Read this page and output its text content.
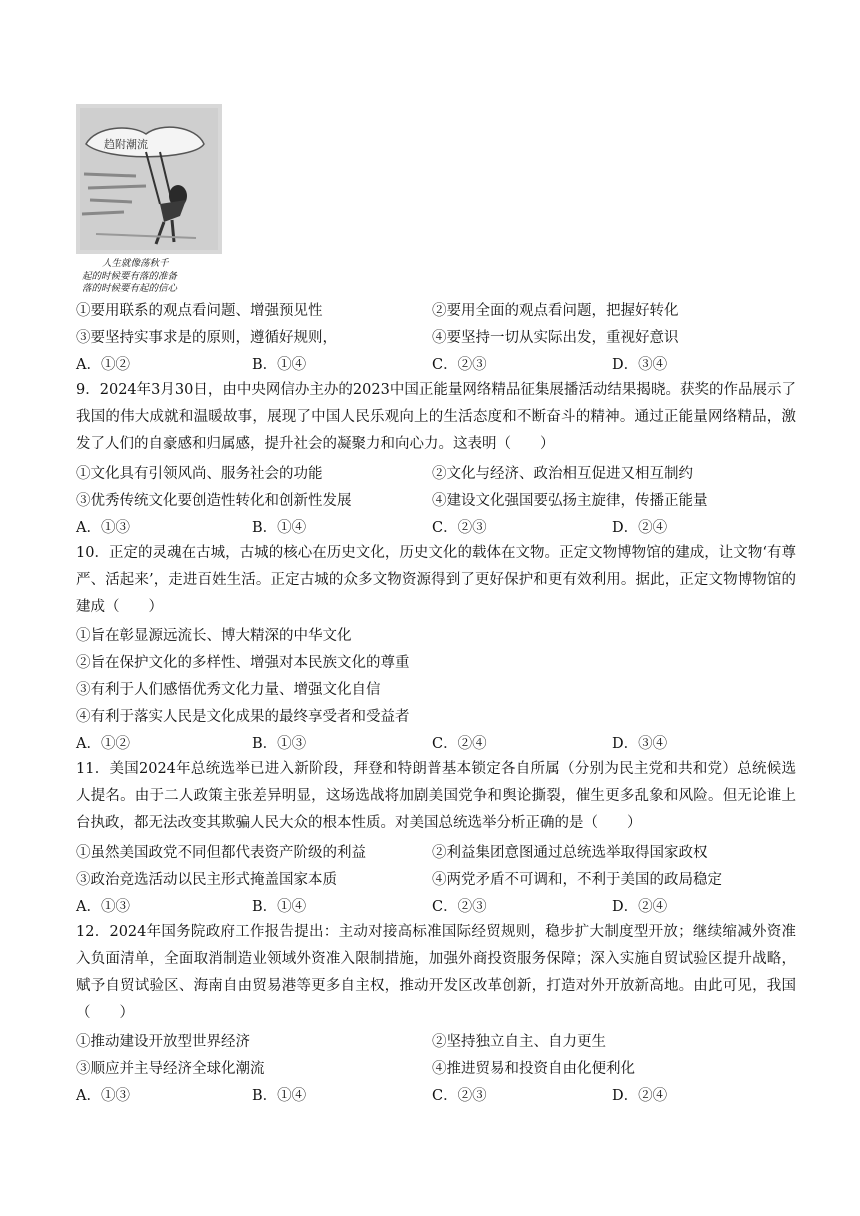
趋附潮流
人生就像荡秋千
起的时候要有落的准备
落的时候要有起的信心
①要用联系的观点看问题、增强预见性	②要用全面的观点看问题，把握好转化
③要坚持实事求是的原则，遵循好规则，	④要坚持一切从实际出发，重视好意识
A．①②	B．①④	C．②③	D．③④
9．2024年3月30日，由中央网信办主办的2023中国正能量网络精品征集展播活动结果揭晓。获奖的作品展示了我国的伟大成就和温暖故事，展现了中国人民乐观向上的生活态度和不断奋斗的精神。通过正能量网络精品，激发了人们的自豪感和归属感，提升社会的凝聚力和向心力。这表明（　　）
①文化具有引领风尚、服务社会的功能	②文化与经济、政治相互促进又相互制约
③优秀传统文化要创造性转化和创新性发展	④建设文化强国要弘扬主旋律，传播正能量
A．①③	B．①④	C．②③	D．②④
10．正定的灵魂在古城，古城的核心在历史文化，历史文化的载体在文物。正定文物博物馆的建成，让文物‘有尊严、活起来’，走进百姓生活。正定古城的众多文物资源得到了更好保护和更有效利用。据此，正定文物博物馆的建成（　　）
①旨在彰显源远流长、博大精深的中华文化
②旨在保护文化的多样性、增强对本民族文化的尊重
③有利于人们感悟优秀文化力量、增强文化自信
④有利于落实人民是文化成果的最终享受者和受益者
A．①②	B．①③	C．②④	D．③④
11．美国2024年总统选举已进入新阶段，拜登和特朗普基本锁定各自所属（分别为民主党和共和党）总统候选人提名。由于二人政策主张差异明显，这场选战将加剧美国党争和舆论撕裂，催生更多乱象和风险。但无论谁上台执政，都无法改变其欺骗人民大众的根本性质。对美国总统选举分析正确的是（　　）
①虽然美国政党不同但都代表资产阶级的利益	②利益集团意图通过总统选举取得国家政权
③政治竞选活动以民主形式掩盖国家本质	④两党矛盾不可调和，不利于美国的政局稳定
A．①③	B．①④	C．②③	D．②④
12．2024年国务院政府工作报告提出：主动对接高标准国际经贸规则，稳步扩大制度型开放；继续缩减外资准入负面清单，全面取消制造业领域外资准入限制措施，加强外商投资服务保障；深入实施自贸试验区提升战略，赋予自贸试验区、海南自由贸易港等更多自主权，推动开发区改革创新，打造对外开放新高地。由此可见，我国（　　）
①推动建设开放型世界经济	②坚持独立自主、自力更生
③顺应并主导经济全球化潮流	④推进贸易和投资自由化便利化
A．①③	B．①④	C．②③	D．②④
